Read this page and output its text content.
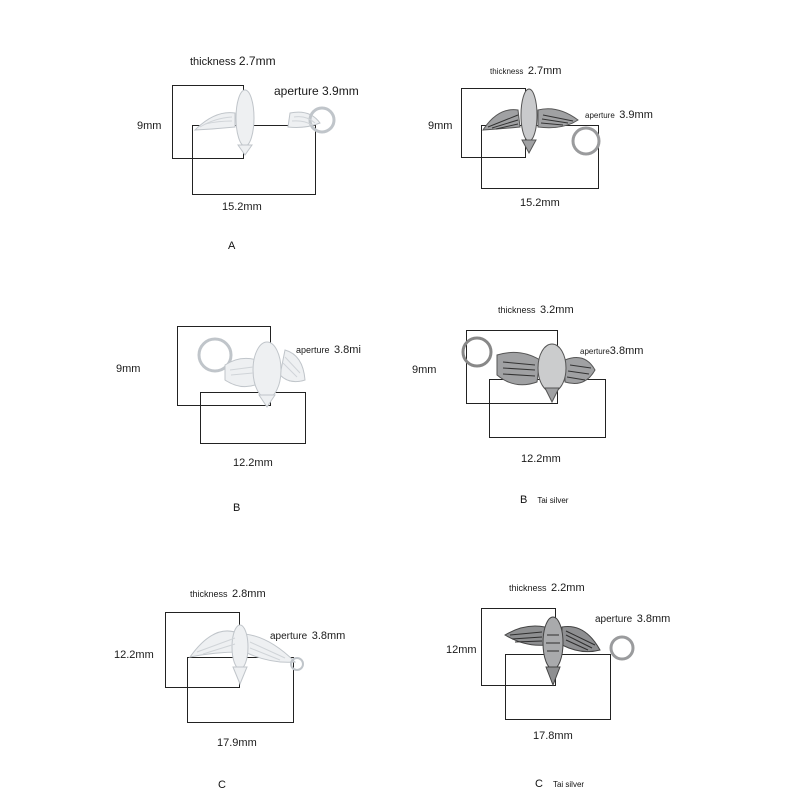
thickness 2.7mm
aperture 3.9mm
9mm
15.2mm
A
thickness 2.7mm
aperture 3.9mm
9mm
15.2mm
aperture 3.8mi
9mm
12.2mm
B
thickness 3.2mm
aperture3.8mm
9mm
12.2mm
B Tai silver
thickness 2.8mm
aperture 3.8mm
12.2mm
17.9mm
C
thickness 2.2mm
aperture 3.8mm
12mm
17.8mm
C Tai silver
